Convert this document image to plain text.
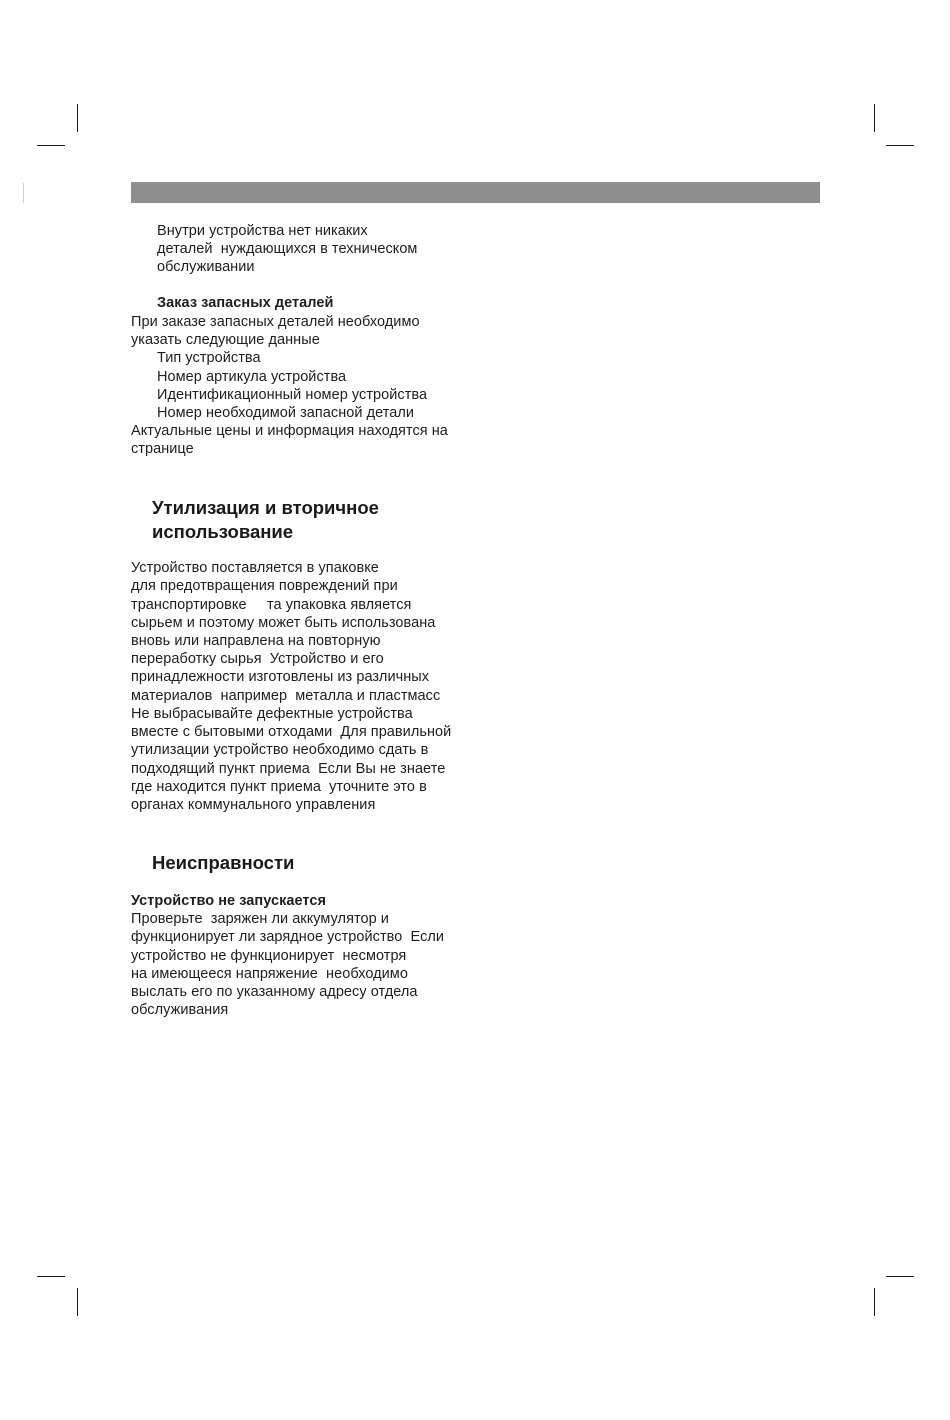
Внутри устройства нет никаких
деталей  нуждающихся в техническом
обслуживании
Заказ запасных деталей
При заказе запасных деталей необходимо
указать следующие данные
Тип устройства
Номер артикула устройства
Идентификационный номер устройства
Номер необходимой запасной детали
Актуальные цены и информация находятся на
странице
Утилизация и вторичное
использование
Устройство поставляется в упаковке
для предотвращения повреждений при
транспортировке     та упаковка является
сырьем и поэтому может быть использована
вновь или направлена на повторную
переработку сырья  Устройство и его
принадлежности изготовлены из различных
материалов  например  металла и пластмасс
Не выбрасывайте дефектные устройства
вместе с бытовыми отходами  Для правильной
утилизации устройство необходимо сдать в
подходящий пункт приема  Если Вы не знаете
где находится пункт приема  уточните это в
органах коммунального управления
Неисправности
Устройство не запускается
Проверьте  заряжен ли аккумулятор и
функционирует ли зарядное устройство  Если
устройство не функционирует  несмотря
на имеющееся напряжение  необходимо
выслать его по указанному адресу отдела
обслуживания
